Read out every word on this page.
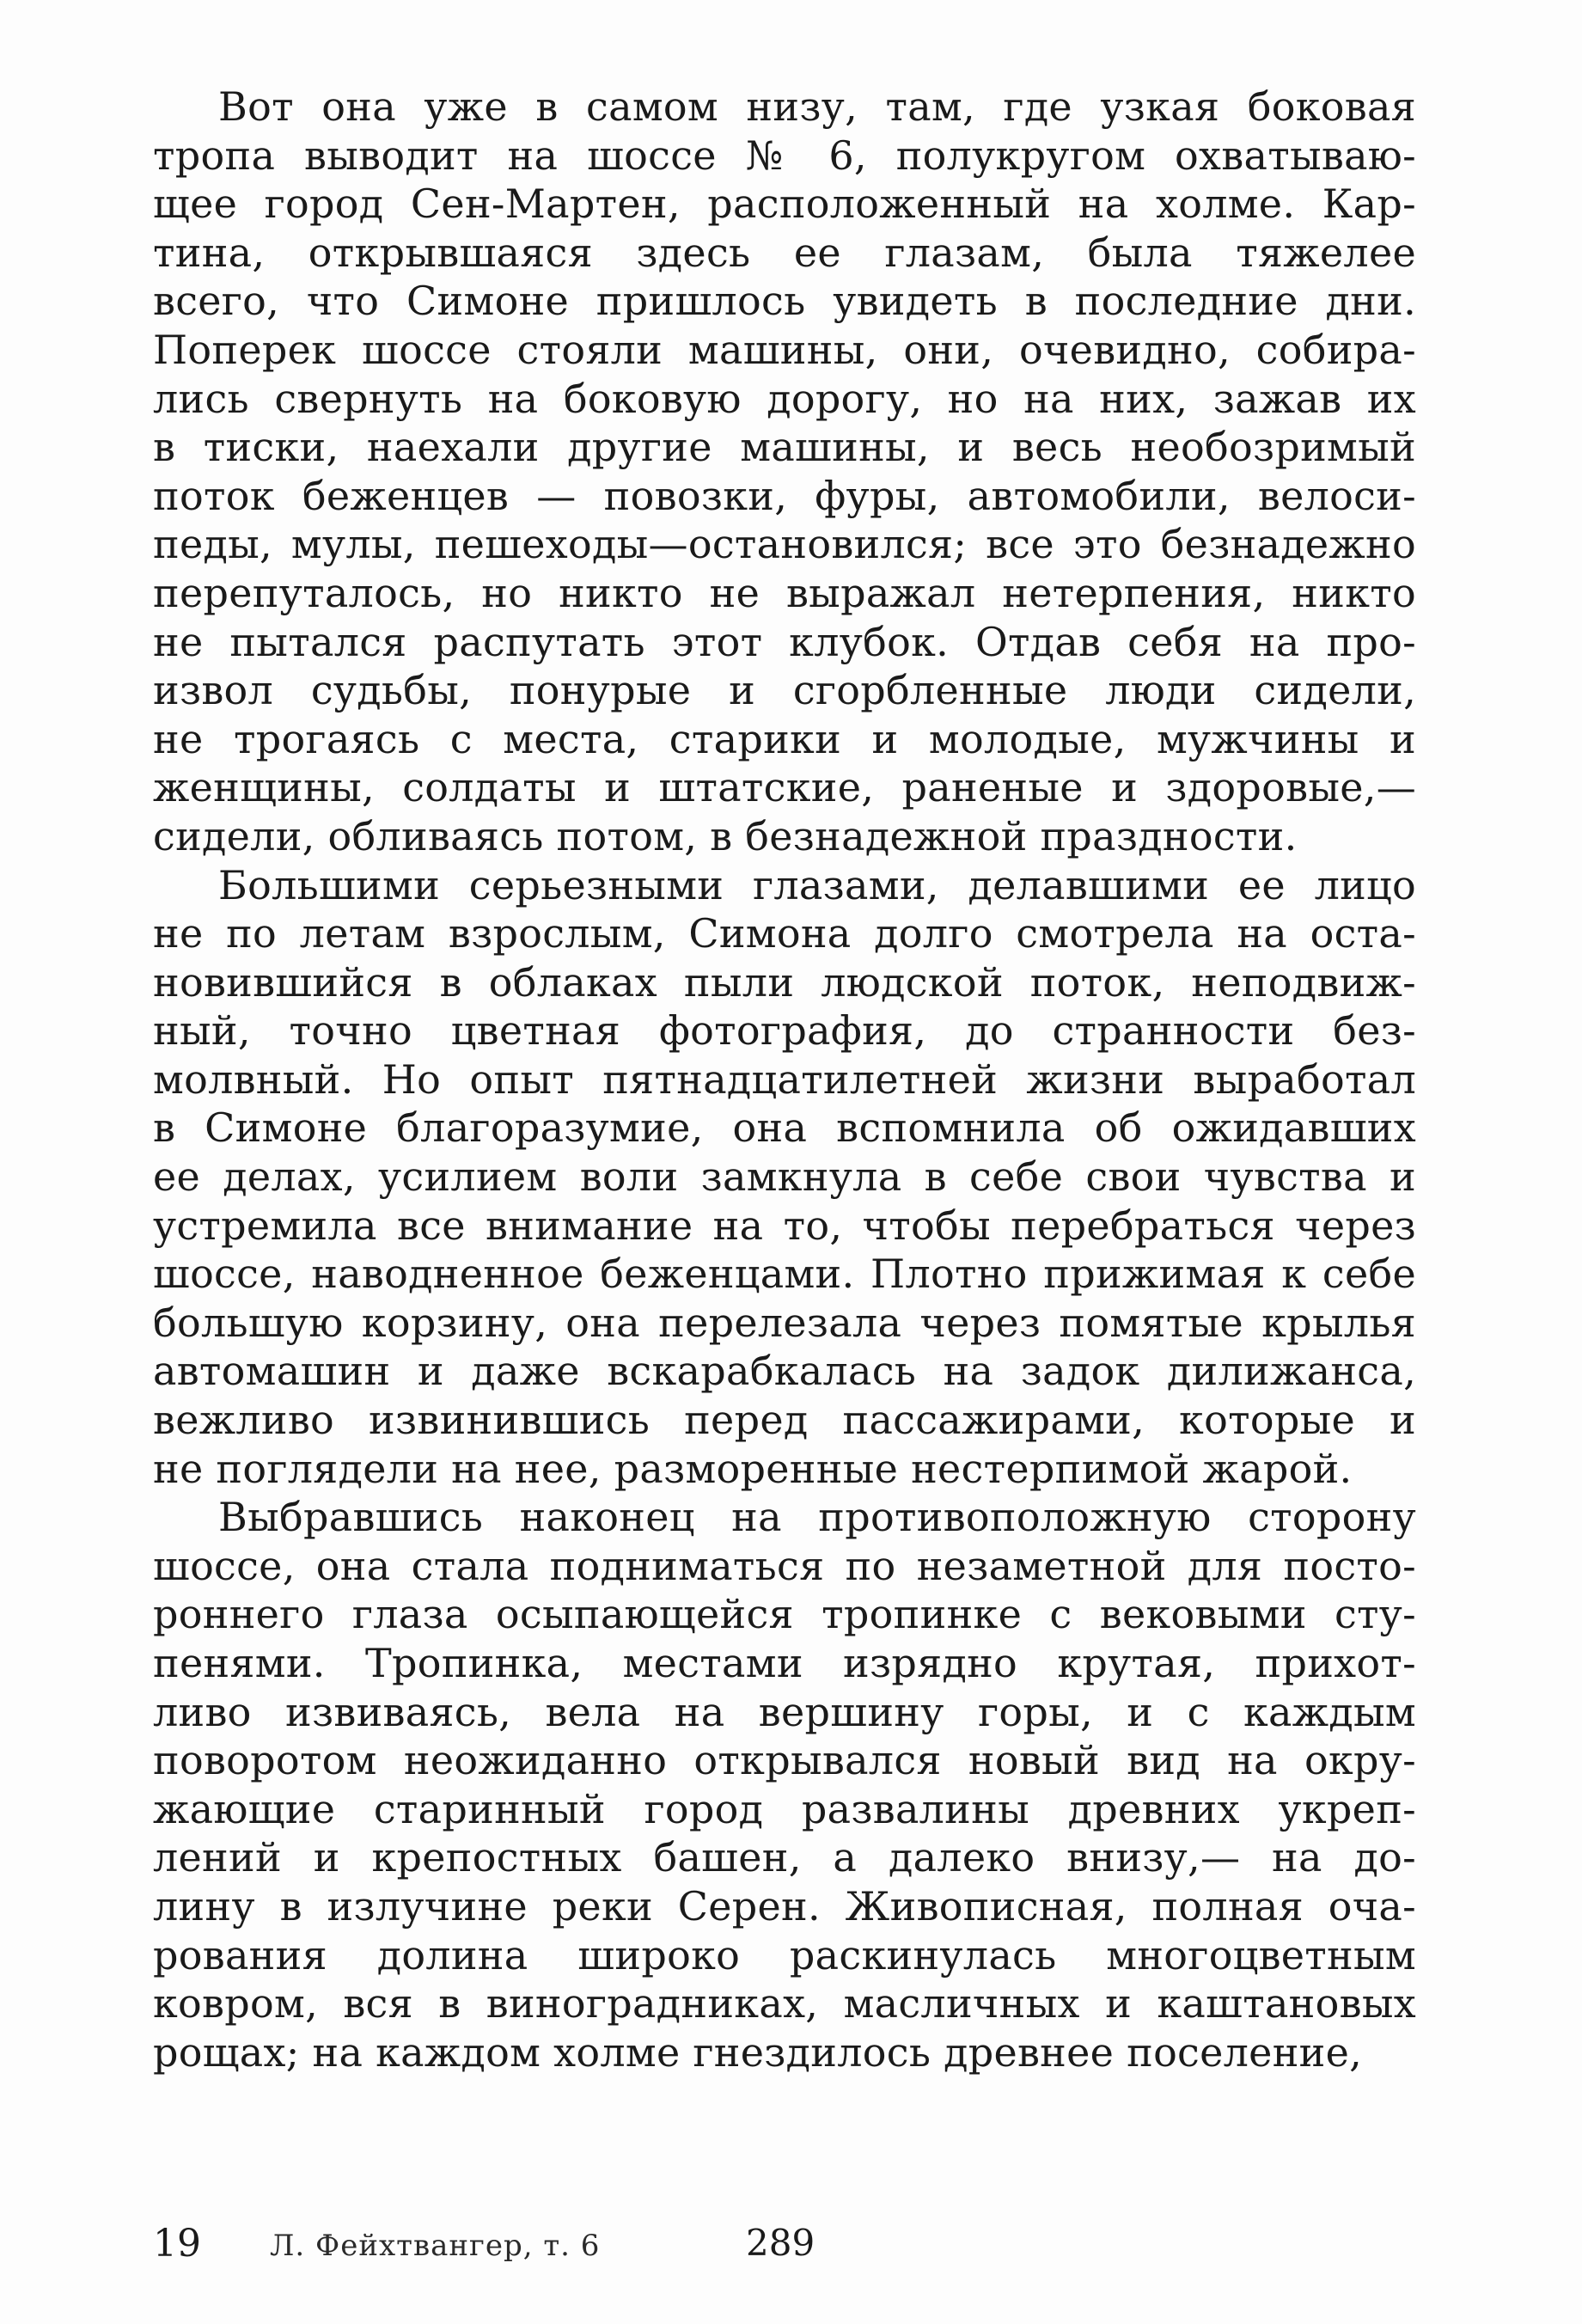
Вот она уже в самом низу, там, где узкая боковая
тропа выводит на шоссе № 6, полукругом охватываю-
щее город Сен-Мартен, расположенный на холме. Кар-
тина, открывшаяся здесь ее глазам, была тяжелее
всего, что Симоне пришлось увидеть в последние дни.
Поперек шоссе стояли машины, они, очевидно, собира-
лись свернуть на боковую дорогу, но на них, зажав их
в тиски, наехали другие машины, и весь необозримый
поток беженцев — повозки, фуры, автомобили, велоси-
педы, мулы, пешеходы—остановился; все это безнадежно
перепуталось, но никто не выражал нетерпения, никто
не пытался распутать этот клубок. Отдав себя на про-
извол судьбы, понурые и сгорбленные люди сидели,
не трогаясь с места, старики и молодые, мужчины и
женщины, солдаты и штатские, раненые и здоровые,—
сидели, обливаясь потом, в безнадежной праздности.
Большими серьезными глазами, делавшими ее лицо
не по летам взрослым, Симона долго смотрела на оста-
новившийся в облаках пыли людской поток, неподвиж-
ный, точно цветная фотография, до странности без-
молвный. Но опыт пятнадцатилетней жизни выработал
в Симоне благоразумие, она вспомнила об ожидавших
ее делах, усилием воли замкнула в себе свои чувства и
устремила все внимание на то, чтобы перебраться через
шоссе, наводненное беженцами. Плотно прижимая к себе
большую корзину, она перелезала через помятые крылья
автомашин и даже вскарабкалась на задок дилижанса,
вежливо извинившись перед пассажирами, которые и
не поглядели на нее, разморенные нестерпимой жарой.
Выбравшись наконец на противоположную сторону
шоссе, она стала подниматься по незаметной для посто-
роннего глаза осыпающейся тропинке с вековыми сту-
пенями. Тропинка, местами изрядно крутая, прихот-
ливо извиваясь, вела на вершину горы, и с каждым
поворотом неожиданно открывался новый вид на окру-
жающие старинный город развалины древних укреп-
лений и крепостных башен, а далеко внизу,— на до-
лину в излучине реки Серен. Живописная, полная оча-
рования долина широко раскинулась многоцветным
ковром, вся в виноградниках, масличных и каштановых
рощах; на каждом холме гнездилось древнее поселение,
19 Л. Фейхтвангер, т. 6	289
